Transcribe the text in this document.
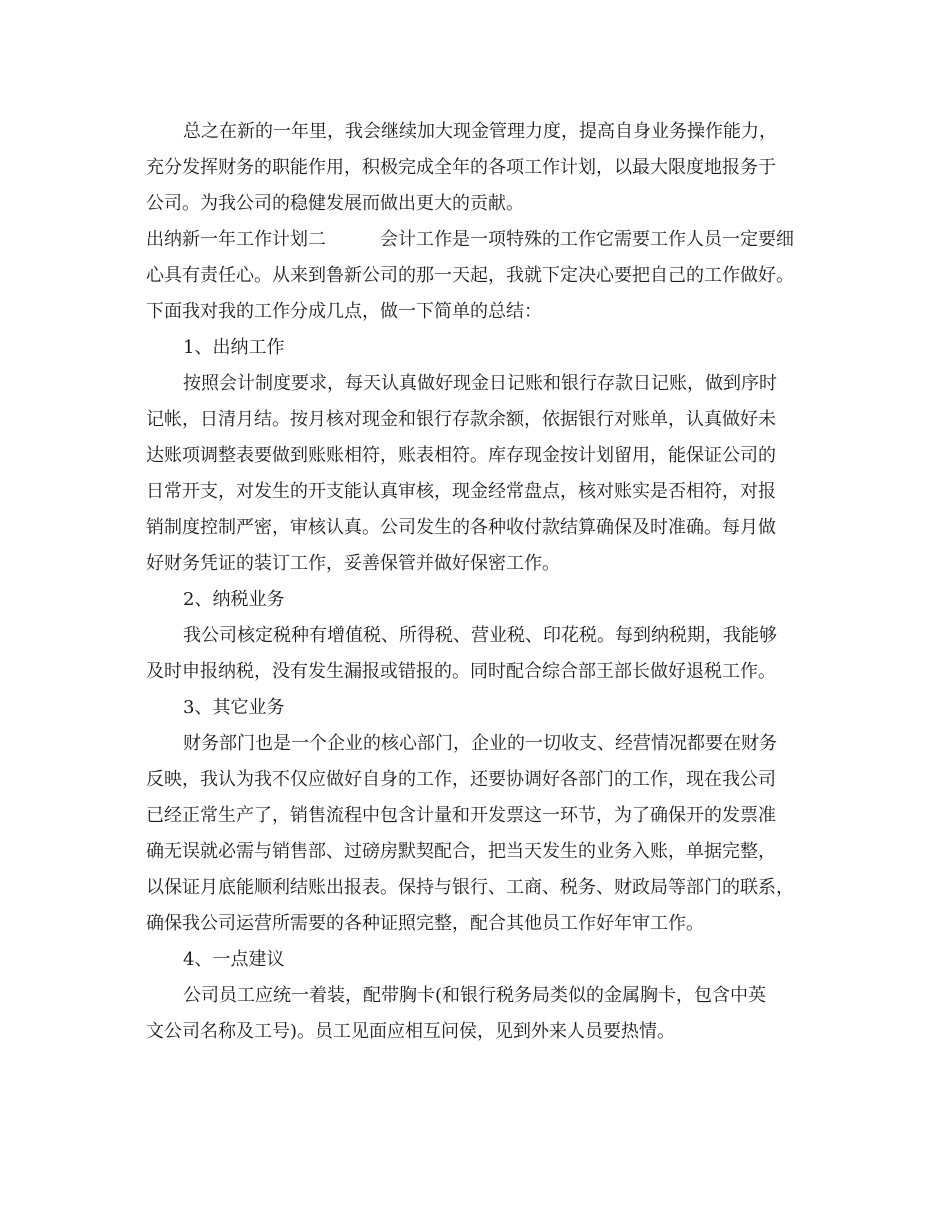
总之在新的一年里，我会继续加大现金管理力度，提高自身业务操作能力，
充分发挥财务的职能作用，积极完成全年的各项工作计划，以最大限度地报务于
公司。为我公司的稳健发展而做出更大的贡献。
出纳新一年工作计划二　　　会计工作是一项特殊的工作它需要工作人员一定要细
心具有责任心。从来到鲁新公司的那一天起，我就下定决心要把自己的工作做好。
下面我对我的工作分成几点，做一下简单的总结：
1、出纳工作
按照会计制度要求，每天认真做好现金日记账和银行存款日记账，做到序时
记帐，日清月结。按月核对现金和银行存款余额，依据银行对账单，认真做好未
达账项调整表要做到账账相符，账表相符。库存现金按计划留用，能保证公司的
日常开支，对发生的开支能认真审核，现金经常盘点，核对账实是否相符，对报
销制度控制严密，审核认真。公司发生的各种收付款结算确保及时准确。每月做
好财务凭证的装订工作，妥善保管并做好保密工作。
2、纳税业务
我公司核定税种有增值税、所得税、营业税、印花税。每到纳税期，我能够
及时申报纳税，没有发生漏报或错报的。同时配合综合部王部长做好退税工作。
3、其它业务
财务部门也是一个企业的核心部门，企业的一切收支、经营情况都要在财务
反映，我认为我不仅应做好自身的工作，还要协调好各部门的工作，现在我公司
已经正常生产了，销售流程中包含计量和开发票这一环节，为了确保开的发票准
确无误就必需与销售部、过磅房默契配合，把当天发生的业务入账，单据完整，
以保证月底能顺利结账出报表。保持与银行、工商、税务、财政局等部门的联系，
确保我公司运营所需要的各种证照完整，配合其他员工作好年审工作。
4、一点建议
公司员工应统一着装，配带胸卡(和银行税务局类似的金属胸卡，包含中英
文公司名称及工号)。员工见面应相互问侯，见到外来人员要热情。
